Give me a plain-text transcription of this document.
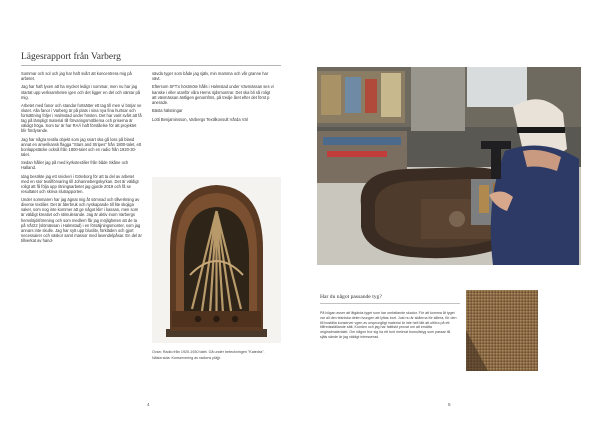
Lägesrapport från Varberg

Sommar och sol och jag har haft svårt att koncentrera mig på arbetet.

Jag har haft lyxen att ha mycket ledigt i sommar, men nu har jag startat upp verksamheten igen och det ligger en del och väntar på mig.

Arbetet med fanor och standar fortsätter ett tag till men vi börjar se slutet. Alla fanor i Varberg är på plats i sina nya fina hurtsar och fortsättning följer i Halmstad under hösten. Det har varit svårt att få tag på lämpligt material till förvaringsmöblema och priserna är väldigt höga. Som tur är har RAÄ haft förståelse för att projektet blir fördyrande.

Jag har några textila objekt som jag snart ska gå loss på bland annat en amerikansk flagga "Stars and Stripes" från 1800-talet, ett bonlappstäcke också från 1800-talet och en radio från 1920-30-talet.

Sedan håller jag på med kyrkotextilier från både Skåne och Halland.

Idag besökte jag ett snickeri i Göteborg för att ta del av arbetet med en stor textilförvaring till Johannebergskyrkan. Det är väldigt roligt att få följa upp ritningsarbetet jag gjorde 2019 och få se resultatet och skriva slutrapporten.

Under sommaren har jag ägnat mig åt sömnad och tillverkning av diverse textilier. Det är återbruk och nyskapande till lite skojiga saker, som nog inte kommer att ge något klirr i kassan, men som är väldigt kreativt och stimulerande. Jag är aktiv inom Varbergs hemslöjdsförening och som medlem får jag möjligheten att de ta på Vår22 (slömässan i Halmstad) i en försäljningsmonter, som jag annars inte skulle. Jag har sytt upp bluslitv, förkläden och gjort necessairer och väskor samt massor med lavendelpåsar. En del är tillverkat av hand-

sävda tyger som både jag själv, min mamma och vår granne har vävt.

Eftersom SFT:s höstmöte hålls i Halmstad under Vävmässan ses vi kanske i eller utanför våra Hems öjdsmontrar. Det ska bli så roligt att vävmässan äntligen genomförs, på tredje året efter det först p anerade.

Bästa hälsningar

Lotti Benjaminsson, Varbergs Textilkonsult Vårda Väl

Ovan: Radio från 1920-1930 talet. Gå under beteckningen "Katedra".

Nästa sida: Konservering av radions pläjjr.

4
Har du något passande tyg?

På högan avser att åtgärda tyget som har omfattande skador. För att komma åt tyget var all den tekniska delen tvungen att lyftas bort. Just nu är skåerna för alliera, för den till boställa konserver vgen av ursprungligt material är inte helt lätt att utföra på ett tillfredsställande sätt. Kunden och jag har faktiskt provat om att ersätta originalmaterialet. Om någon tror sig ha ett tunt melerat bomullstyg som passar till själs sände är jag väldigt intresserad.

5
